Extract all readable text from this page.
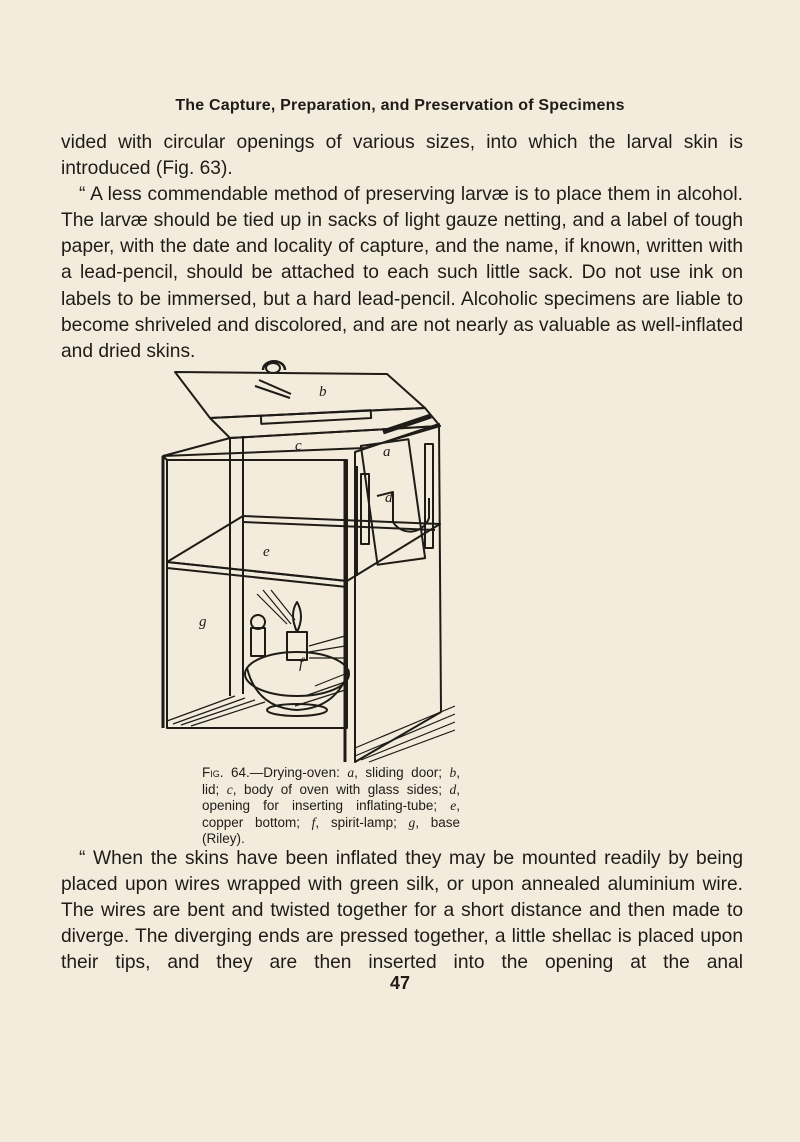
The Capture, Preparation, and Preservation of Specimens

vided with circular openings of various sizes, into which the larval skin is introduced (Fig. 63).

“ A less commendable method of preserving larvæ is to place them in alcohol. The larvæ should be tied up in sacks of light gauze netting, and a label of tough paper, with the date and locality of capture, and the name, if known, written with a lead-pencil, should be attached to each such little sack. Do not use ink on labels to be immersed, but a hard lead-pencil. Alcoholic specimens are liable to become shriveled and discolored, and are not nearly as valuable as well-inflated and dried skins.

b
a
c
d
e
f
g
Fig. 64.—Drying-oven: a, sliding door; b, lid; c, body of oven with glass sides; d, opening for inserting inflating-tube; e, copper bottom; f, spirit-lamp; g, base (Riley).

“ When the skins have been inflated they may be mounted readily by being placed upon wires wrapped with green silk, or upon annealed aluminium wire. The wires are bent and twisted together for a short distance and then made to diverge. The diverging ends are pressed together, a little shellac is placed upon their tips, and they are then inserted into the opening at the anal

47
